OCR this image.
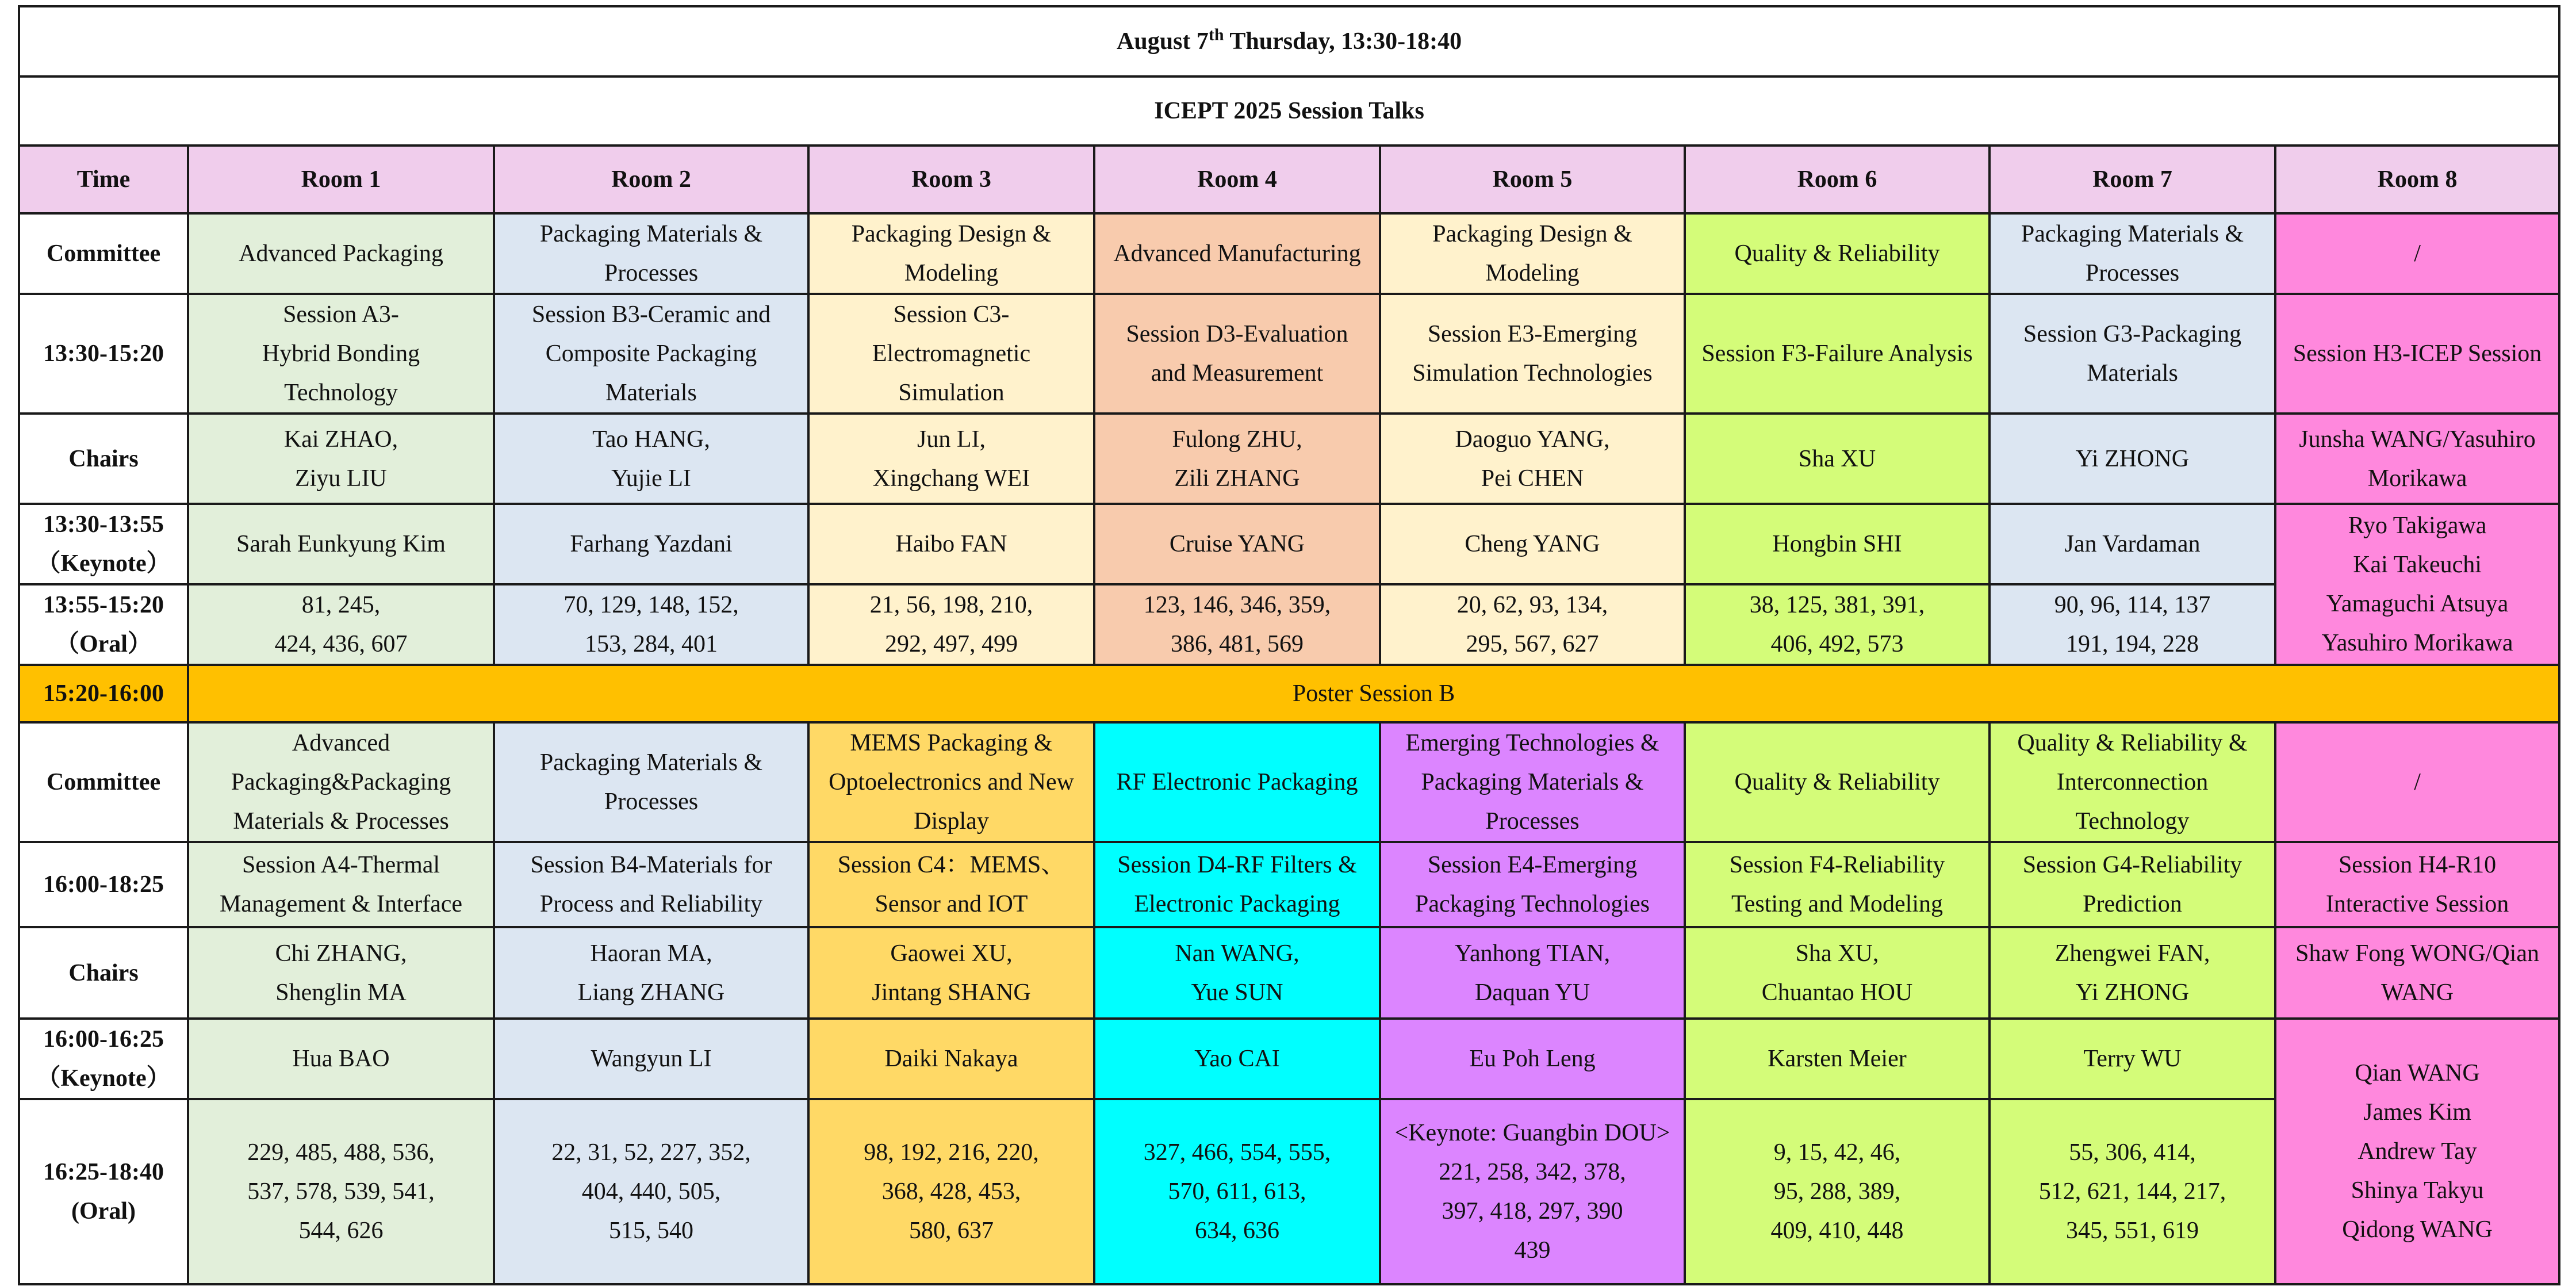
August 7th Thursday, 13:30-18:40								
ICEPT 2025 Session Talks								
Time	Room 1	Room 2	Room 3	Room 4	Room 5	Room 6	Room 7	Room 8
Committee	Advanced Packaging	Packaging Materials &
Processes	Packaging Design &
Modeling	Advanced Manufacturing	Packaging Design &
Modeling	Quality & Reliability	Packaging Materials &
Processes	/

13:30-15:20	Session A3-
Hybrid Bonding
Technology	Session B3-Ceramic and
Composite Packaging
Materials	Session C3-
Electromagnetic
Simulation	Session D3-Evaluation
and Measurement	Session E3-Emerging
Simulation Technologies	Session F3-Failure Analysis	Session G3-Packaging
Materials	Session H3-ICEP Session

Chairs	Kai ZHAO,
Ziyu LIU	Tao HANG,
Yujie LI	Jun LI,
Xingchang WEI	Fulong ZHU,
Zili ZHANG	Daoguo YANG,
Pei CHEN	Sha XU	Yi ZHONG	Junsha WANG/Yasuhiro
Morikawa

13:30-13:55
（Keynote）	Sarah Eunkyung Kim	Farhang Yazdani	Haibo FAN	Cruise YANG	Cheng YANG	Hongbin SHI	Jan Vardaman	Ryo Takigawa
Kai Takeuchi
Yamaguchi Atsuya
Yasuhiro Morikawa

13:55-15:20
（Oral）	81, 245,
424, 436, 607	70, 129, 148, 152,
153, 284, 401	21, 56, 198, 210,
292, 497, 499	123, 146, 346, 359,
386, 481, 569	20, 62, 93, 134,
295, 567, 627	38, 125, 381, 391,
406, 492, 573	90, 96, 114, 137
191, 194, 228	

15:20-16:00	Poster Session B							
Committee	Advanced
Packaging&Packaging
Materials & Processes	Packaging Materials &
Processes	MEMS Packaging &
Optoelectronics and New
Display	RF Electronic Packaging	Emerging Technologies &
Packaging Materials &
Processes	Quality & Reliability	Quality & Reliability &
Interconnection
Technology	/

16:00-18:25	Session A4-Thermal
Management & Interface	Session B4-Materials for
Process and Reliability	Session C4：MEMS、
Sensor and IOT	Session D4-RF Filters &
Electronic Packaging	Session E4-Emerging
Packaging Technologies	Session F4-Reliability
Testing and Modeling	Session G4-Reliability
Prediction	Session H4-R10
Interactive Session

Chairs	Chi ZHANG,
Shenglin MA	Haoran MA,
Liang ZHANG	Gaowei XU,
Jintang SHANG	Nan WANG,
Yue SUN	Yanhong TIAN,
Daquan YU	Sha XU,
Chuantao HOU	Zhengwei FAN,
Yi ZHONG	Shaw Fong WONG/Qian
WANG

16:00-16:25
（Keynote）	Hua BAO	Wangyun LI	Daiki Nakaya	Yao CAI	Eu Poh Leng	Karsten Meier	Terry WU	Qian WANG
James Kim
Andrew Tay
Shinya Takyu
Qidong WANG

16:25-18:40
(Oral)	229, 485, 488, 536,
537, 578, 539, 541,
544, 626	22, 31, 52, 227, 352,
404, 440, 505,
515, 540	98, 192, 216, 220,
368, 428, 453,
580, 637	327, 466, 554, 555,
570, 611, 613,
634, 636	<Keynote: Guangbin DOU>
221, 258, 342, 378,
397, 418, 297, 390
439	9, 15, 42, 46,
95, 288, 389,
409, 410, 448	55, 306, 414,
512, 621, 144, 217,
345, 551, 619	
